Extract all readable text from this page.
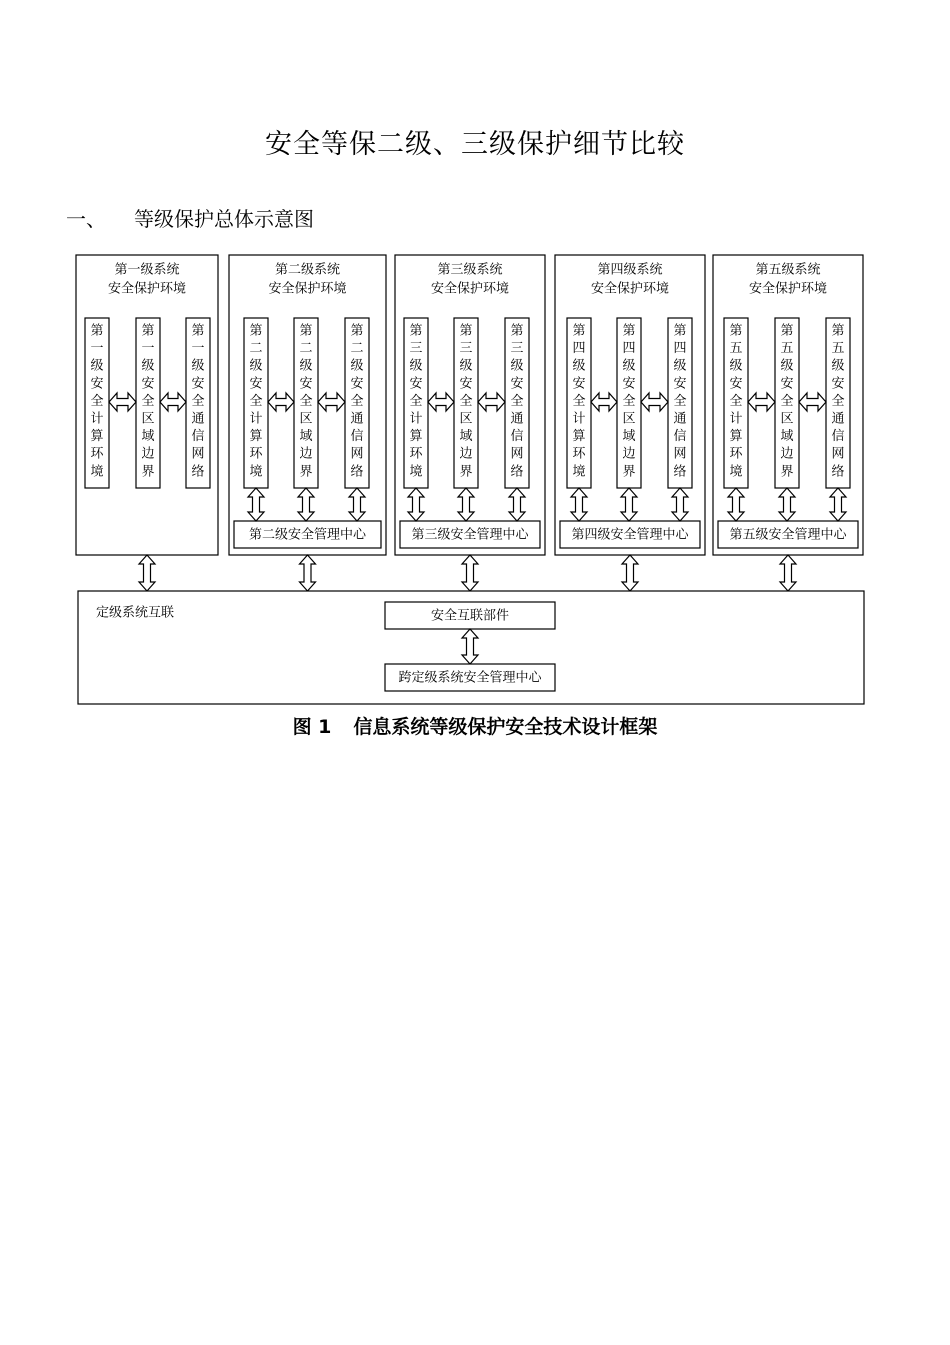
安全等保二级、三级保护细节比较
一、 等级保护总体示意图
第一级系统
安全保护环境
第
一
级
安
全
计
算
环
境
第
一
级
安
全
区
域
边
界
第
一
级
安
全
通
信
网
络
第二级系统
安全保护环境
第
二
级
安
全
计
算
环
境
第
二
级
安
全
区
域
边
界
第
二
级
安
全
通
信
网
络
第二级安全管理中心
第三级系统
安全保护环境
第
三
级
安
全
计
算
环
境
第
三
级
安
全
区
域
边
界
第
三
级
安
全
通
信
网
络
第三级安全管理中心
第四级系统
安全保护环境
第
四
级
安
全
计
算
环
境
第
四
级
安
全
区
域
边
界
第
四
级
安
全
通
信
网
络
第四级安全管理中心
第五级系统
安全保护环境
第
五
级
安
全
计
算
环
境
第
五
级
安
全
区
域
边
界
第
五
级
安
全
通
信
网
络
第五级安全管理中心
定级系统互联	安全互联部件
跨定级系统安全管理中心
图 1 信息系统等级保护安全技术设计框架
